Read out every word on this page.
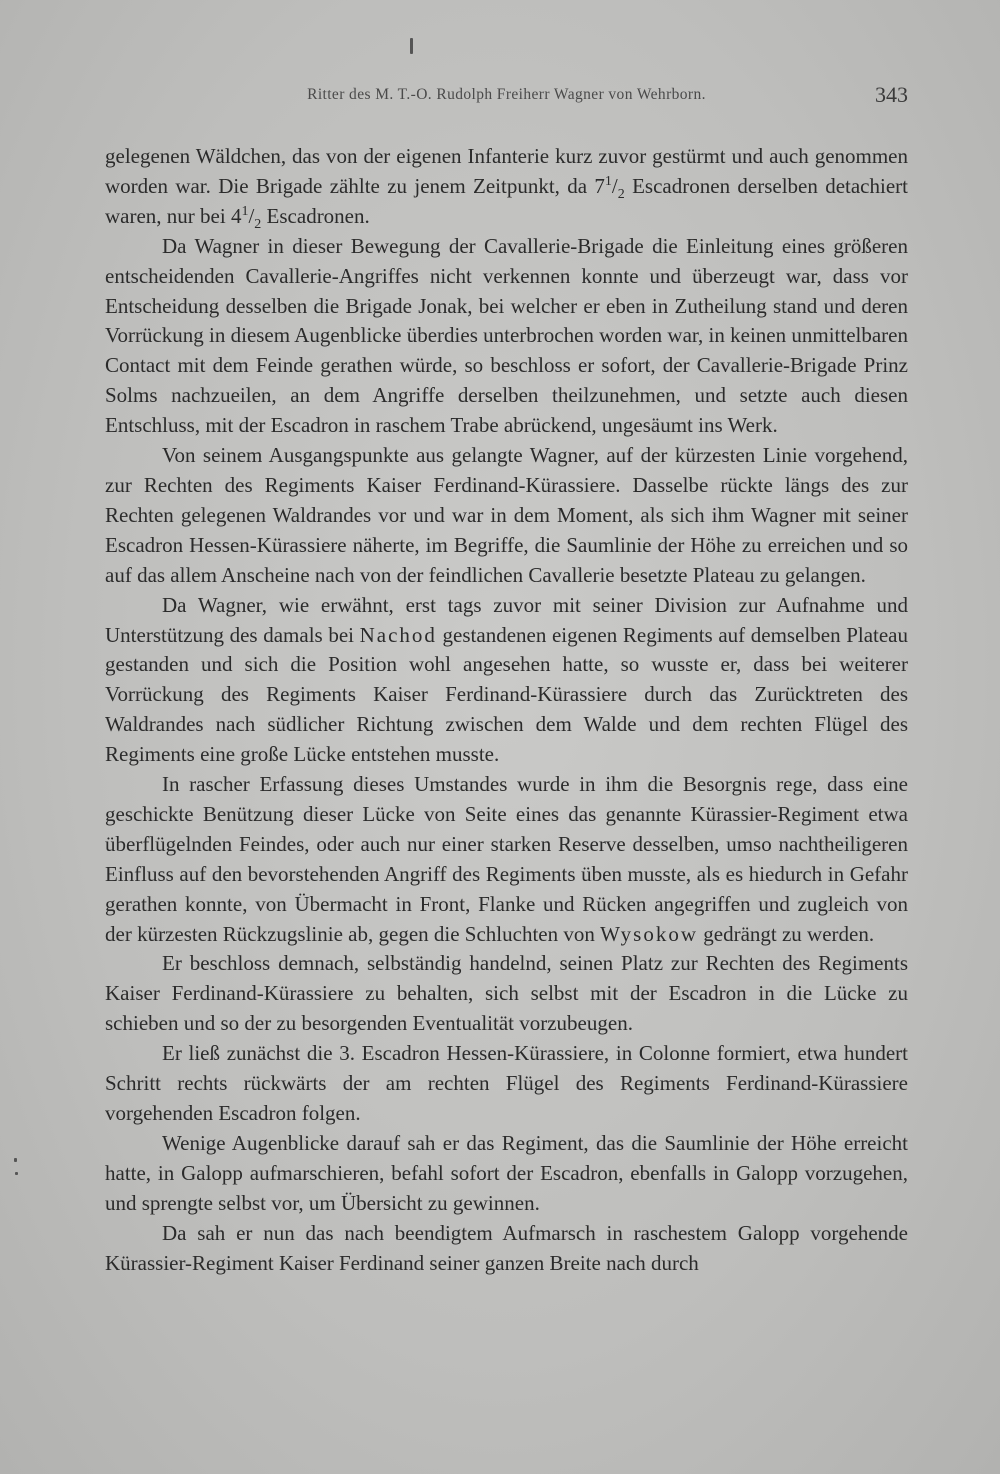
Ritter des M. T.-O. Rudolph Freiherr Wagner von Wehrborn.	343

gelegenen Wäldchen, das von der eigenen Infanterie kurz zuvor gestürmt und auch genommen worden war. Die Brigade zählte zu jenem Zeitpunkt, da $7^1/_2$ Escadronen derselben detachiert waren, nur bei $4^1/_2$ Escadronen.

Da Wagner in dieser Bewegung der Cavallerie-Brigade die Einleitung eines größeren entscheidenden Cavallerie-Angriffes nicht verkennen konnte und überzeugt war, dass vor Entscheidung desselben die Brigade Jonak, bei welcher er eben in Zutheilung stand und deren Vorrückung in diesem Augenblicke überdies unterbrochen worden war, in keinen unmittelbaren Contact mit dem Feinde gerathen würde, so beschloss er sofort, der Cavallerie-Brigade Prinz Solms nachzueilen, an dem Angriffe derselben theilzunehmen, und setzte auch diesen Entschluss, mit der Escadron in raschem Trabe abrückend, ungesäumt ins Werk.

Von seinem Ausgangspunkte aus gelangte Wagner, auf der kürzesten Linie vorgehend, zur Rechten des Regiments Kaiser Ferdinand-Kürassiere. Dasselbe rückte längs des zur Rechten gelegenen Waldrandes vor und war in dem Moment, als sich ihm Wagner mit seiner Escadron Hessen-Kürassiere näherte, im Begriffe, die Saumlinie der Höhe zu erreichen und so auf das allem Anscheine nach von der feindlichen Cavallerie besetzte Plateau zu gelangen.

Da Wagner, wie erwähnt, erst tags zuvor mit seiner Division zur Aufnahme und Unterstützung des damals bei Nachod gestandenen eigenen Regiments auf demselben Plateau gestanden und sich die Position wohl angesehen hatte, so wusste er, dass bei weiterer Vorrückung des Regiments Kaiser Ferdinand-Kürassiere durch das Zurücktreten des Waldrandes nach südlicher Richtung zwischen dem Walde und dem rechten Flügel des Regiments eine große Lücke entstehen musste.

In rascher Erfassung dieses Umstandes wurde in ihm die Besorgnis rege, dass eine geschickte Benützung dieser Lücke von Seite eines das genannte Kürassier-Regiment etwa überflügelnden Feindes, oder auch nur einer starken Reserve desselben, umso nachtheiligeren Einfluss auf den bevorstehenden Angriff des Regiments üben musste, als es hiedurch in Gefahr gerathen konnte, von Übermacht in Front, Flanke und Rücken angegriffen und zugleich von der kürzesten Rückzugslinie ab, gegen die Schluchten von Wysokow gedrängt zu werden.

Er beschloss demnach, selbständig handelnd, seinen Platz zur Rechten des Regiments Kaiser Ferdinand-Kürassiere zu behalten, sich selbst mit der Escadron in die Lücke zu schieben und so der zu besorgenden Eventualität vorzubeugen.

Er ließ zunächst die 3. Escadron Hessen-Kürassiere, in Colonne formiert, etwa hundert Schritt rechts rückwärts der am rechten Flügel des Regiments Ferdinand-Kürassiere vorgehenden Escadron folgen.

Wenige Augenblicke darauf sah er das Regiment, das die Saumlinie der Höhe erreicht hatte, in Galopp aufmarschieren, befahl sofort der Escadron, ebenfalls in Galopp vorzugehen, und sprengte selbst vor, um Übersicht zu gewinnen.

Da sah er nun das nach beendigtem Aufmarsch in raschestem Galopp vorgehende Kürassier-Regiment Kaiser Ferdinand seiner ganzen Breite nach durch
